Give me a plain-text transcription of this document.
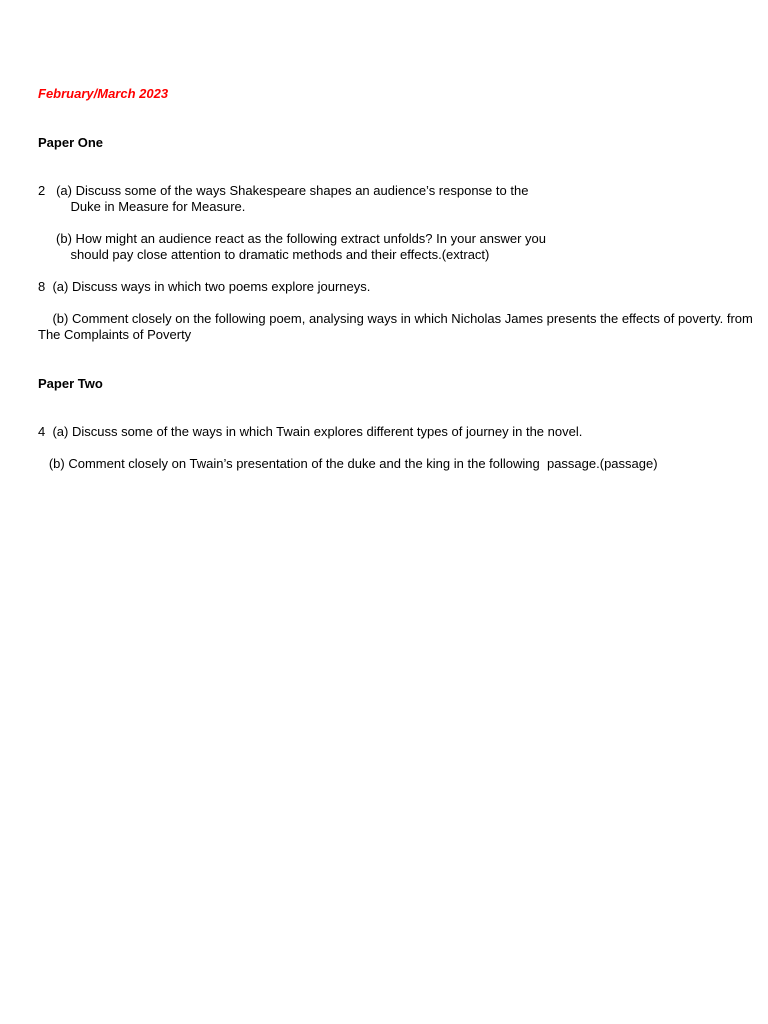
February/March 2023

Paper One

2   (a) Discuss some of the ways Shakespeare shapes an audience’s response to the

Duke in Measure for Measure.

(b) How might an audience react as the following extract unfolds? In your answer you

should pay close attention to dramatic methods and their effects.(extract)

8  (a) Discuss ways in which two poems explore journeys.

(b) Comment closely on the following poem, analysing ways in which Nicholas James presents the effects of poverty. from The Complaints of Poverty

Paper Two

4  (a) Discuss some of the ways in which Twain explores different types of journey in the novel.

(b) Comment closely on Twain’s presentation of the duke and the king in the following  passage.(passage)
